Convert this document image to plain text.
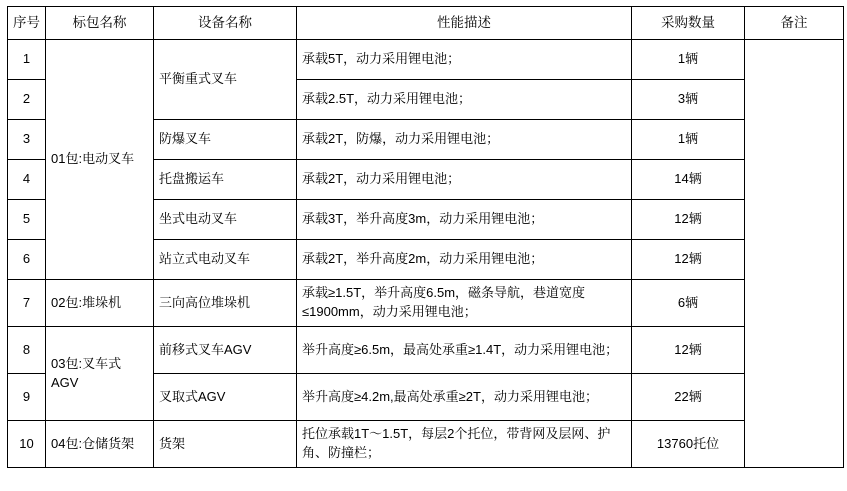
序号	标包名称	设备名称	性能描述	采购数量	备注
1	01包:电动叉车	平衡重式叉车	承载5T，动力采用锂电池；	1辆	
2			承载2.5T，动力采用锂电池；	3辆	
3		防爆叉车	承载2T，防爆，动力采用锂电池；	1辆	
4		托盘搬运车	承载2T，动力采用锂电池；	14辆	
5		坐式电动叉车	承载3T，举升高度3m，动力采用锂电池；	12辆	
6		站立式电动叉车	承载2T，举升高度2m，动力采用锂电池；	12辆	
7	02包:堆垛机	三向高位堆垛机	承载≥1.5T，举升高度6.5m，磁条导航，巷道宽度≤1900mm，动力采用锂电池；	6辆	
8	03包:叉车式AGV	前移式叉车AGV	举升高度≥6.5m，最高处承重≥1.4T，动力采用锂电池；	12辆	
9		叉取式AGV	举升高度≥4.2m,最高处承重≥2T，动力采用锂电池；	22辆	
10	04包:仓储货架	货架	托位承载1T～1.5T，每层2个托位，带背网及层网、护角、防撞栏；	13760托位	
